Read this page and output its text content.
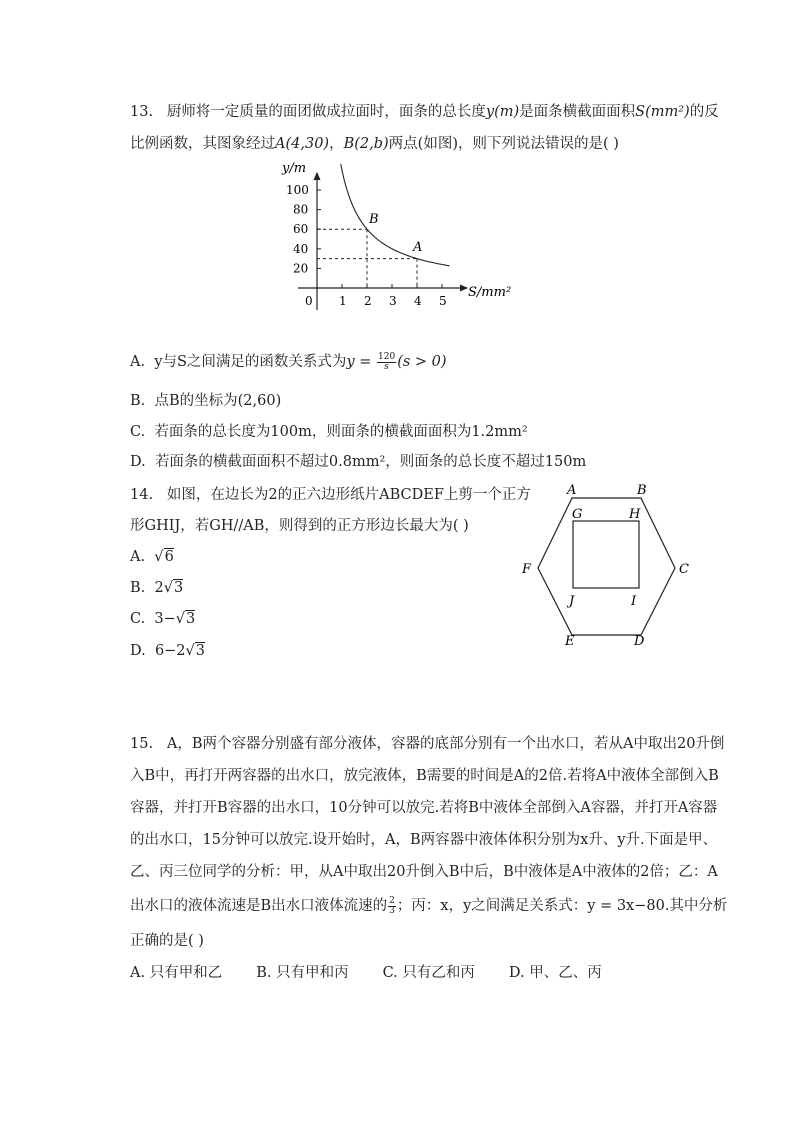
13. 厨师将一定质量的面团做成拉面时，面条的总长度y(m)是面条横截面面积S(mm²)的反
比例函数，其图象经过A(4,30)，B(2,b)两点(如图)，则下列说法错误的是( )
y/m
S/mm²
0 1 2 3 4 5
100
80
60
40
20
B
A
A. y与S之间满足的函数关系式为$y = \frac{120}{s} (s > 0)$
B. 点B的坐标为(2,60)
C. 若面条的总长度为100m，则面条的横截面面积为1.2mm²
D. 若面条的横截面面积不超过0.8mm²，则面条的总长度不超过150m
14. 如图，在边长为2的正六边形纸片ABCDEF上剪一个正方
形GHIJ，若GH//AB，则得到的正方形边长最大为( )
A.  √6
B. 2√3
C. 3−√3
D. 6−2√3
A	B
C
D
E
F
G	H
I
J
15. A，B两个容器分别盛有部分液体，容器的底部分别有一个出水口，若从A中取出20升倒
入B中，再打开两容器的出水口，放完液体，B需要的时间是A的2倍.若将A中液体全部倒入B
容器，并打开B容器的出水口，10分钟可以放完.若将B中液体全部倒入A容器，并打开A容器
的出水口，15分钟可以放完.设开始时，A，B两容器中液体体积分别为x升、y升.下面是甲、
乙、丙三位同学的分析：甲，从A中取出20升倒入B中后，B中液体是A中液体的2倍；乙：A
出水口的液体流速是B出水口液体流速的 $\frac{2}{3}$ ；丙：x，y之间满足关系式：y = 3x−80.其中分析
正确的是( )
A. 只有甲和乙 B. 只有甲和丙 C. 只有乙和丙 D. 甲、乙、丙
